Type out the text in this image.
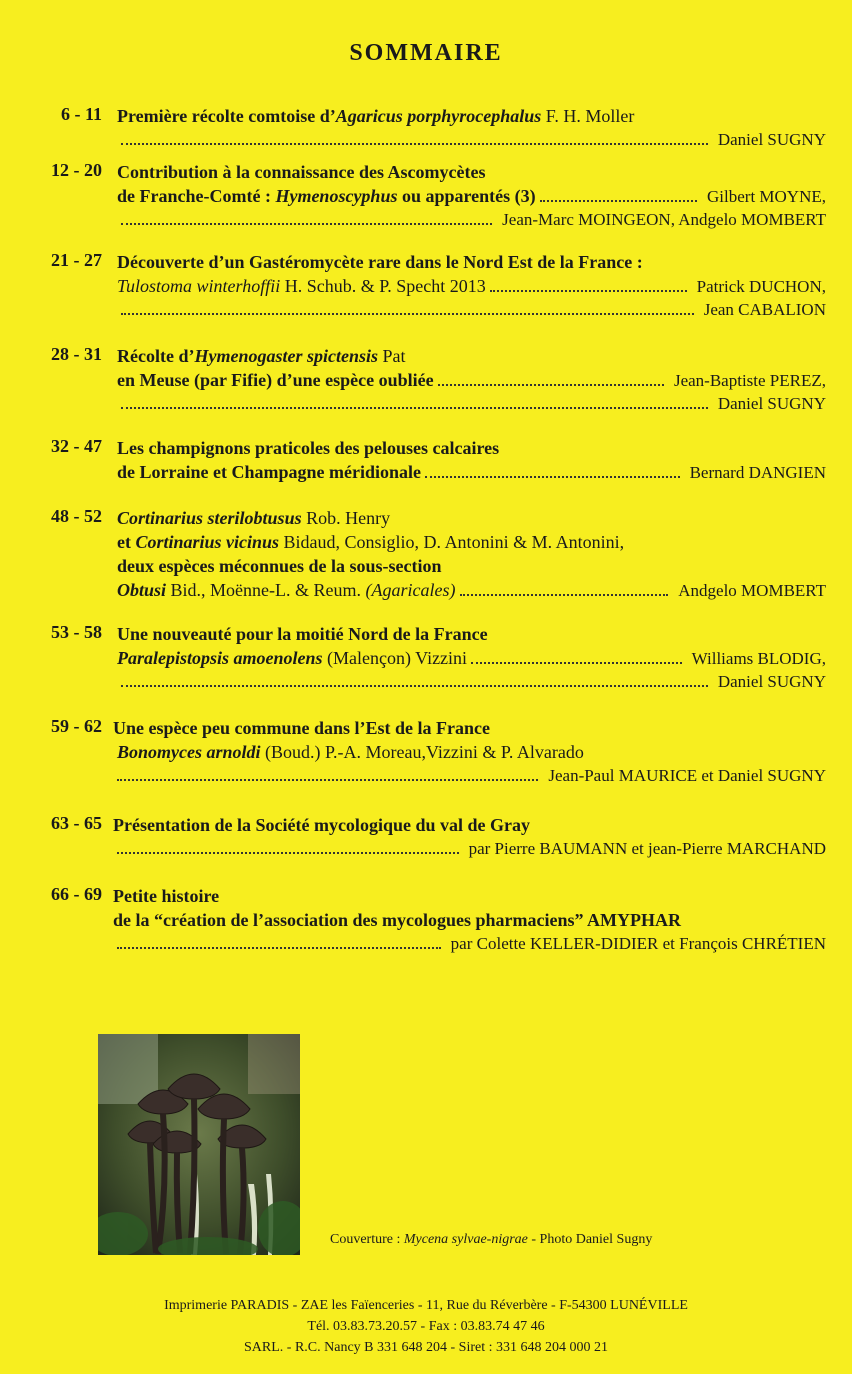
SOMMAIRE
6 - 11 Première récolte comtoise d’Agaricus porphyrocephalus F. H. Moller
Daniel SUGNY
12 - 20 Contribution à la connaissance des Ascomycètes
de Franche-Comté : Hymenoscyphus ou apparentés (3)	Gilbert MOYNE,
Jean-Marc MOINGEON, Andgelo MOMBERT
21 - 27 Découverte d’un Gastéromycète rare dans le Nord Est de la France :
Tulostoma winterhoffii H. Schub. & P. Specht 2013	Patrick DUCHON,
Jean CABALION
28 - 31 Récolte d’Hymenogaster spictensis Pat
en Meuse (par Fifie) d’une espèce oubliée	Jean-Baptiste PEREZ,
Daniel SUGNY
32 - 47 Les champignons praticoles des pelouses calcaires
de Lorraine et Champagne méridionale	Bernard DANGIEN
48 - 52 Cortinarius sterilobtusus Rob. Henry
et Cortinarius vicinus Bidaud, Consiglio, D. Antonini & M. Antonini,
deux espèces méconnues de la sous-section
Obtusi Bid., Moënne-L. & Reum. (Agaricales)	Andgelo MOMBERT
53 - 58 Une nouveauté pour la moitié Nord de la France
Paralepistopsis amoenolens (Malençon) Vizzini	Williams BLODIG,
Daniel SUGNY
59 - 62 Une espèce peu commune dans l’Est de la France
Bonomyces arnoldi (Boud.) P.-A. Moreau,Vizzini & P. Alvarado
Jean-Paul MAURICE et Daniel SUGNY
63 - 65 Présentation de la Société mycologique du val de Gray
par Pierre BAUMANN et jean-Pierre MARCHAND
66 - 69 Petite histoire
de la “création de l’association des mycologues pharmaciens” AMYPHAR
par Colette KELLER-DIDIER et François CHRÉTIEN
Couverture : Mycena sylvae-nigrae - Photo Daniel Sugny
Imprimerie PARADIS - ZAE les Faïenceries - 11, Rue du Réverbère - F-54300 LUNÉVILLE
Tél. 03.83.73.20.57 - Fax : 03.83.74 47 46
SARL. - R.C. Nancy B 331 648 204 - Siret : 331 648 204 000 21
